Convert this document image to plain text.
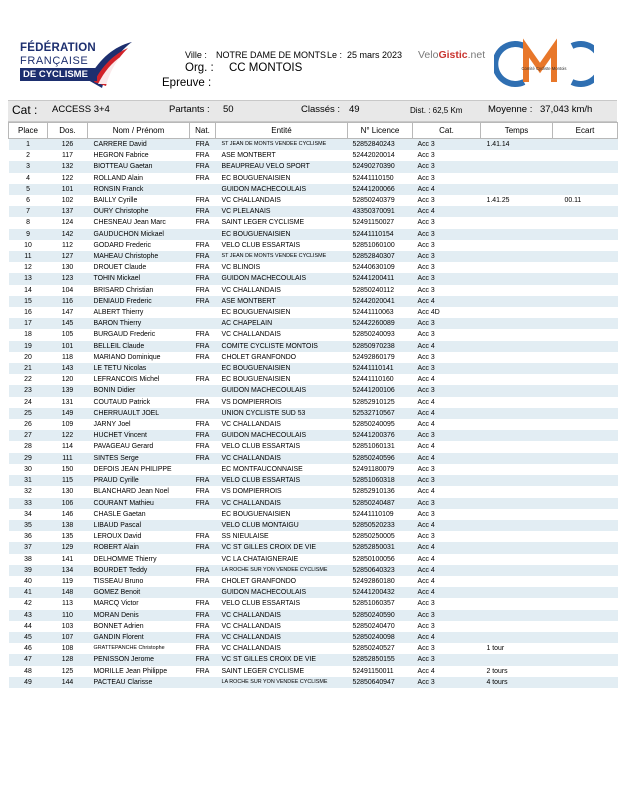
FÉDÉRATION
FRANÇAISE
DE CYCLISME
Ville : NOTRE DAME DE MONTS Le : 25 mars 2023
Org. : CC MONTOIS
Epreuve :
VeloGistic.net
Comité Cycliste Montois
Cat : ACCESS 3+4	Partants : 50	Classés : 49	Dist. : 62,5 Km	Moyenne : 37,043 km/h
Place	Dos.	Nom / Prénom	Nat.	Entité	N° Licence	Cat.	Temps	Ecart
1	126	CARRERE David	FRA	ST JEAN DE MONTS VENDEE CYCLISME	52852840243	Acc 3	1.41.14	
2	117	HEGRON Fabrice	FRA	ASE MONTBERT	52442020014	Acc 3		
3	132	BIOTTEAU Gaetan	FRA	BEAUPREAU VELO SPORT	52490270390	Acc 3		
4	122	ROLLAND Alain	FRA	EC BOUGUENAISIEN	52441110150	Acc 3		
5	101	RONSIN Franck		GUIDON MACHECOULAIS	52441200066	Acc 4		
6	102	BAILLY Cyrille	FRA	VC CHALLANDAIS	52850240379	Acc 3	1.41.25	00.11
7	137	OURY Christophe	FRA	VC PLELANAIS	43350370091	Acc 4		
8	124	CHESNEAU Jean Marc	FRA	SAINT LEGER CYCLISME	52491150027	Acc 3		
9	142	GAUDUCHON Mickael		EC BOUGUENAISIEN	52441110154	Acc 3		
10	112	GODARD Frederic	FRA	VELO CLUB ESSARTAIS	52851060100	Acc 3		
11	127	MAHEAU Christophe	FRA	ST JEAN DE MONTS VENDEE CYCLISME	52852840307	Acc 3		
12	130	DROUET Claude	FRA	VC BLINOIS	52440630109	Acc 3		
13	123	TOHIN Mickael	FRA	GUIDON MACHECOULAIS	52441200411	Acc 3		
14	104	BRISARD Christian	FRA	VC CHALLANDAIS	52850240112	Acc 3		
15	116	DENIAUD Frederic	FRA	ASE MONTBERT	52442020041	Acc 4		
16	147	ALBERT Thierry		EC BOUGUENAISIEN	52441110063	Acc 4D		
17	145	BARON Thierry		AC CHAPELAIN	52442260089	Acc 3		
18	105	BURGAUD Frederic	FRA	VC CHALLANDAIS	52850240093	Acc 3		
19	101	BELLEIL Claude	FRA	COMITE CYCLISTE MONTOIS	52850970238	Acc 4		
20	118	MARIANO Dominique	FRA	CHOLET GRANFONDO	52492860179	Acc 3		
21	143	LE TETU Nicolas		EC BOUGUENAISIEN	52441110141	Acc 3		
22	120	LEFRANCOIS Michel	FRA	EC BOUGUENAISIEN	52441110160	Acc 4		
23	139	BONIN Didier		GUIDON MACHECOULAIS	52441200106	Acc 3		
24	131	COUTAUD Patrick	FRA	VS DOMPIERROIS	52852910125	Acc 4		
25	149	CHERRUAULT JOEL		UNION CYCLISTE SUD 53	52532710567	Acc 4		
26	109	JARNY Joel	FRA	VC CHALLANDAIS	52850240095	Acc 4		
27	122	HUCHET Vincent	FRA	GUIDON MACHECOULAIS	52441200376	Acc 3		
28	114	PAVAGEAU Gerard	FRA	VELO CLUB ESSARTAIS	52851060131	Acc 4		
29	111	SINTES Serge	FRA	VC CHALLANDAIS	52850240596	Acc 4		
30	150	DEFOIS JEAN PHILIPPE		EC MONTFAUCONNAISE	52491180079	Acc 3		
31	115	PRAUD Cyrille	FRA	VELO CLUB ESSARTAIS	52851060318	Acc 3		
32	130	BLANCHARD Jean Noel	FRA	VS DOMPIERROIS	52852910136	Acc 4		
33	106	COURANT Mathieu	FRA	VC CHALLANDAIS	52850240487	Acc 3		
34	146	CHASLE Gaetan		EC BOUGUENAISIEN	52441110109	Acc 3		
35	138	LIBAUD Pascal		VELO CLUB MONTAIGU	52850520233	Acc 4		
36	135	LEROUX David	FRA	SS NIEULAISE	52850250005	Acc 3		
37	129	ROBERT Alain	FRA	VC ST GILLES CROIX DE VIE	52852850031	Acc 4		
38	141	DELHOMME Thierry		VC LA CHATAIGNERAIE	52850100056	Acc 4		
39	134	BOURDET Teddy	FRA	LA ROCHE SUR YON VENDEE CYCLISME	52850640323	Acc 4		
40	119	TISSEAU Bruno	FRA	CHOLET GRANFONDO	52492860180	Acc 4		
41	148	GOMEZ Benoit		GUIDON MACHECOULAIS	52441200432	Acc 4		
42	113	MARCQ Victor	FRA	VELO CLUB ESSARTAIS	52851060357	Acc 3		
43	110	MORAN Denis	FRA	VC CHALLANDAIS	52850240590	Acc 3		
44	103	BONNET Adrien	FRA	VC CHALLANDAIS	52850240470	Acc 3		
45	107	GANDIN Florent	FRA	VC CHALLANDAIS	52850240098	Acc 4		
46	108	GRATTEPANCHE Christophe	FRA	VC CHALLANDAIS	52850240527	Acc 3	1 tour	
47	128	PENISSON Jerome	FRA	VC ST GILLES CROIX DE VIE	52852850155	Acc 3		
48	125	MORILLE Jean Philippe	FRA	SAINT LEGER CYCLISME	52491150011	Acc 4	2 tours	
49	144	PACTEAU Clarisse		LA ROCHE SUR YON VENDEE CYCLISME	52850640947	Acc 3	4 tours	
